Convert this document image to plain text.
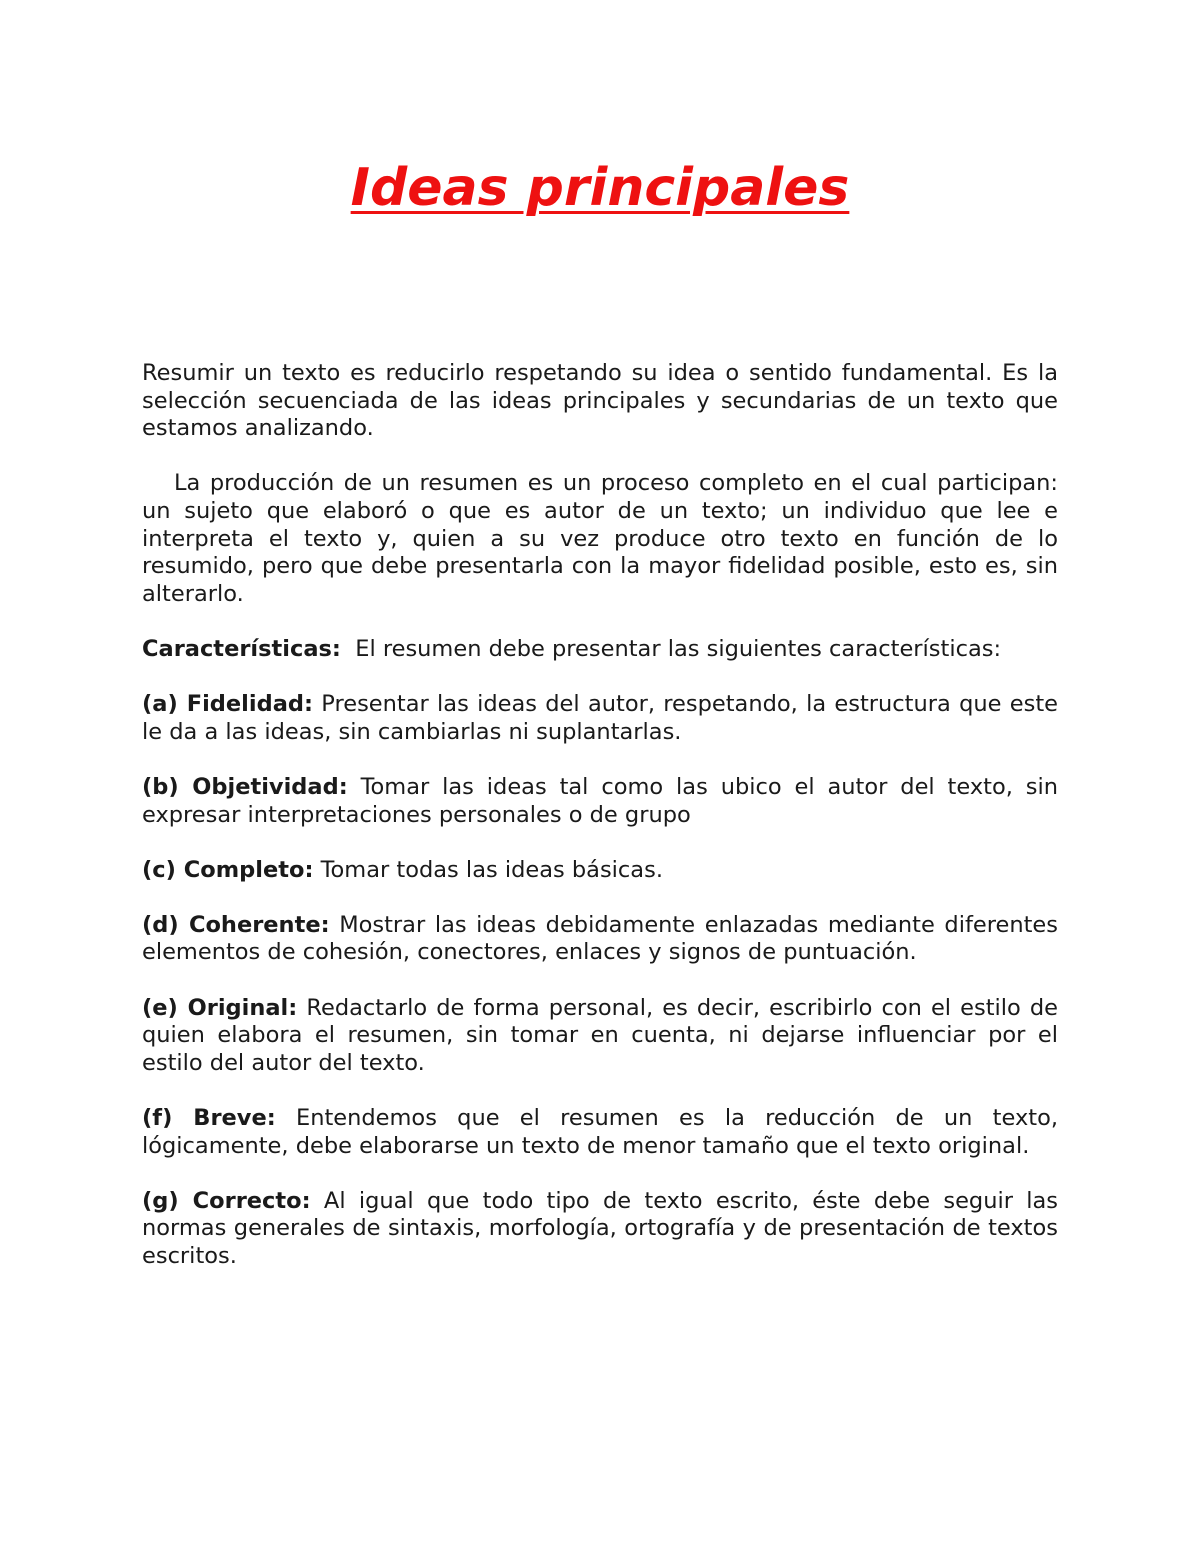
Ideas principales

Resumir un texto es reducirlo respetando su idea o sentido fundamental. Es la selección secuenciada de las ideas principales y secundarias de un texto que estamos analizando.

La producción de un resumen es un proceso completo en el cual participan: un sujeto que elaboró o que es autor de un texto; un individuo que lee e interpreta el texto y, quien a su vez produce otro texto en función de lo resumido, pero que debe presentarla con la mayor fidelidad posible, esto es, sin alterarlo.

Características: El resumen debe presentar las siguientes características:

(a) Fidelidad: Presentar las ideas del autor, respetando, la estructura que este le da a las ideas, sin cambiarlas ni suplantarlas.

(b) Objetividad: Tomar las ideas tal como las ubico el autor del texto, sin expresar interpretaciones personales o de grupo

(c) Completo: Tomar todas las ideas básicas.

(d) Coherente: Mostrar las ideas debidamente enlazadas mediante diferentes elementos de cohesión, conectores, enlaces y signos de puntuación.

(e) Original: Redactarlo de forma personal, es decir, escribirlo con el estilo de quien elabora el resumen, sin tomar en cuenta, ni dejarse influenciar por el estilo del autor del texto.

(f) Breve: Entendemos que el resumen es la reducción de un texto, lógicamente, debe elaborarse un texto de menor tamaño que el texto original.

(g) Correcto: Al igual que todo tipo de texto escrito, éste debe seguir las normas generales de sintaxis, morfología, ortografía y de presentación de textos escritos.
